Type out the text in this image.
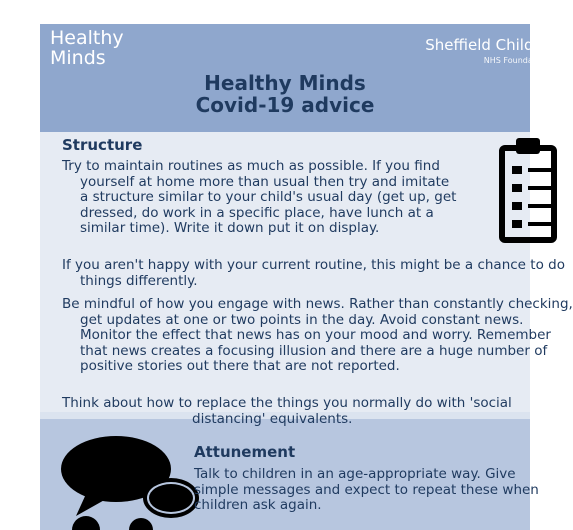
Healthy
Minds
Sheffield Children's
NHS Foundation Trust
Healthy Minds
Covid-19 advice
Structure
Try to maintain routines as much as possible. If you find
yourself at home more than usual then try and imitate
a structure similar to your child's usual day (get up, get
dressed, do work in a specific place, have lunch at a
similar time). Write it down put it on display.
If you aren't happy with your current routine, this might be a chance to do
things differently.
Be mindful of how you engage with news. Rather than constantly checking,
get updates at one or two points in the day. Avoid constant news.
Monitor the effect that news has on your mood and worry. Remember
that news creates a focusing illusion and there are a huge number of
positive stories out there that are not reported.
Think about how to replace the things you normally do with 'social
distancing' equivalents.
Attunement
Talk to children in an age-appropriate way. Give
simple messages and expect to repeat these when
children ask again.
